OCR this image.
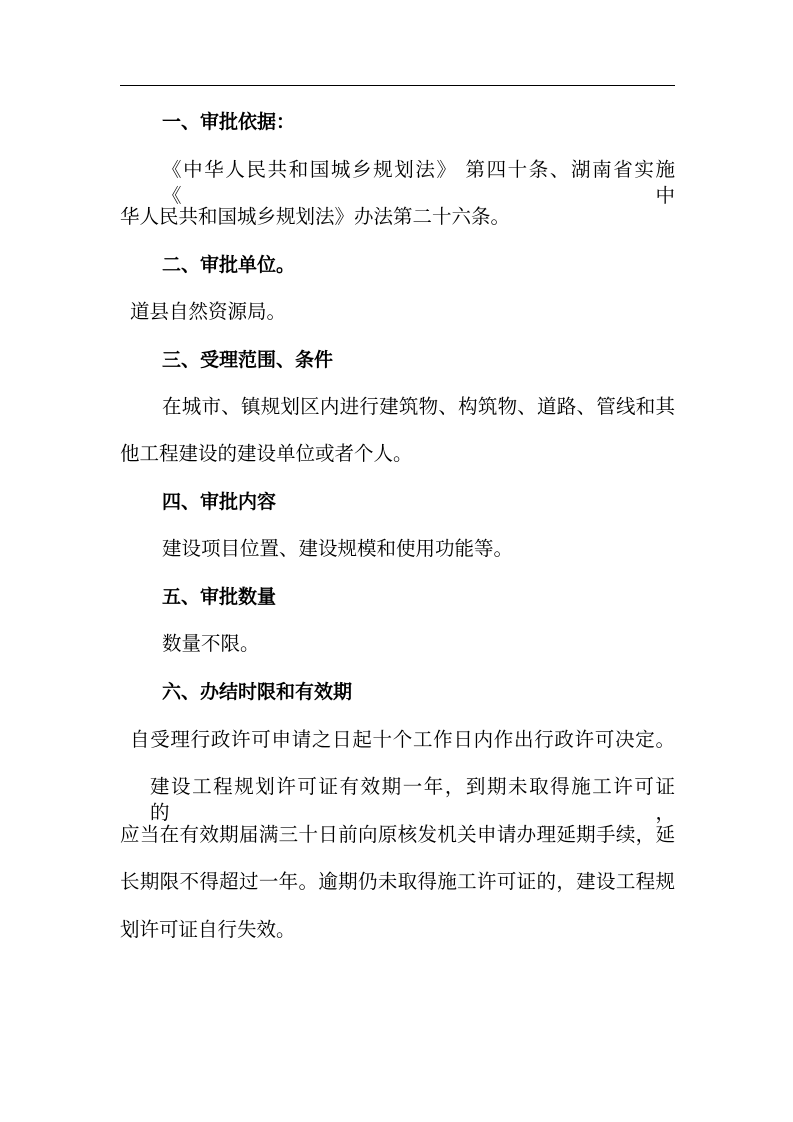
一、审批依据：
《中华人民共和国城乡规划法》 第四十条、湖南省实施《中
华人民共和国城乡规划法》办法第二十六条。
二、审批单位。
道县自然资源局。
三、受理范围、条件
在城市、镇规划区内进行建筑物、构筑物、道路、管线和其
他工程建设的建设单位或者个人。
四、审批内容
建设项目位置、建设规模和使用功能等。
五、审批数量
数量不限。
六、办结时限和有效期
自受理行政许可申请之日起十个工作日内作出行政许可决定。
建设工程规划许可证有效期一年，到期未取得施工许可证的，
应当在有效期届满三十日前向原核发机关申请办理延期手续，延
长期限不得超过一年。逾期仍未取得施工许可证的，建设工程规
划许可证自行失效。
